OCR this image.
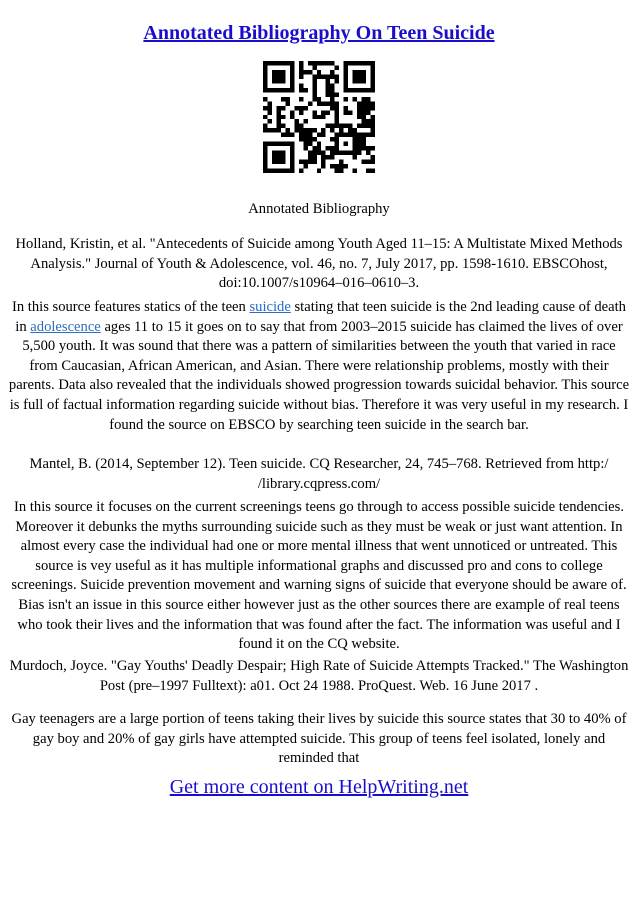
Annotated Bibliography On Teen Suicide

Annotated Bibliography

Holland, Kristin, et al. "Antecedents of Suicide among Youth Aged 11–15: A Multistate Mixed Methods Analysis." Journal of Youth & Adolescence, vol. 46, no. 7, July 2017, pp. 1598-1610. EBSCOhost, doi:10.1007/s10964–016–0610–3.

In this source features statics of the teen suicide stating that teen suicide is the 2nd leading cause of death in adolescence ages 11 to 15 it goes on to say that from 2003–2015 suicide has claimed the lives of over 5,500 youth. It was sound that there was a pattern of similarities between the youth that varied in race from Caucasian, African American, and Asian. There were relationship problems, mostly with their parents. Data also revealed that the individuals showed progression towards suicidal behavior. This source is full of factual information regarding suicide without bias. Therefore it was very useful in my research. I found the source on EBSCO by searching teen suicide in the search bar.

Mantel, B. (2014, September 12). Teen suicide. CQ Researcher, 24, 745–768. Retrieved from http:/ /library.cqpress.com/

In this source it focuses on the current screenings teens go through to access possible suicide tendencies. Moreover it debunks the myths surrounding suicide such as they must be weak or just want attention. In almost every case the individual had one or more mental illness that went unnoticed or untreated. This source is vey useful as it has multiple informational graphs and discussed pro and cons to college screenings. Suicide prevention movement and warning signs of suicide that everyone should be aware of. Bias isn't an issue in this source either however just as the other sources there are example of real teens who took their lives and the information that was found after the fact. The information was useful and I found it on the CQ website.

Murdoch, Joyce. "Gay Youths' Deadly Despair; High Rate of Suicide Attempts Tracked." The Washington Post (pre–1997 Fulltext): a01. Oct 24 1988. ProQuest. Web. 16 June 2017 .

Gay teenagers are a large portion of teens taking their lives by suicide this source states that 30 to 40% of gay boy and 20% of gay girls have attempted suicide. This group of teens feel isolated, lonely and reminded that

Get more content on HelpWriting.net
